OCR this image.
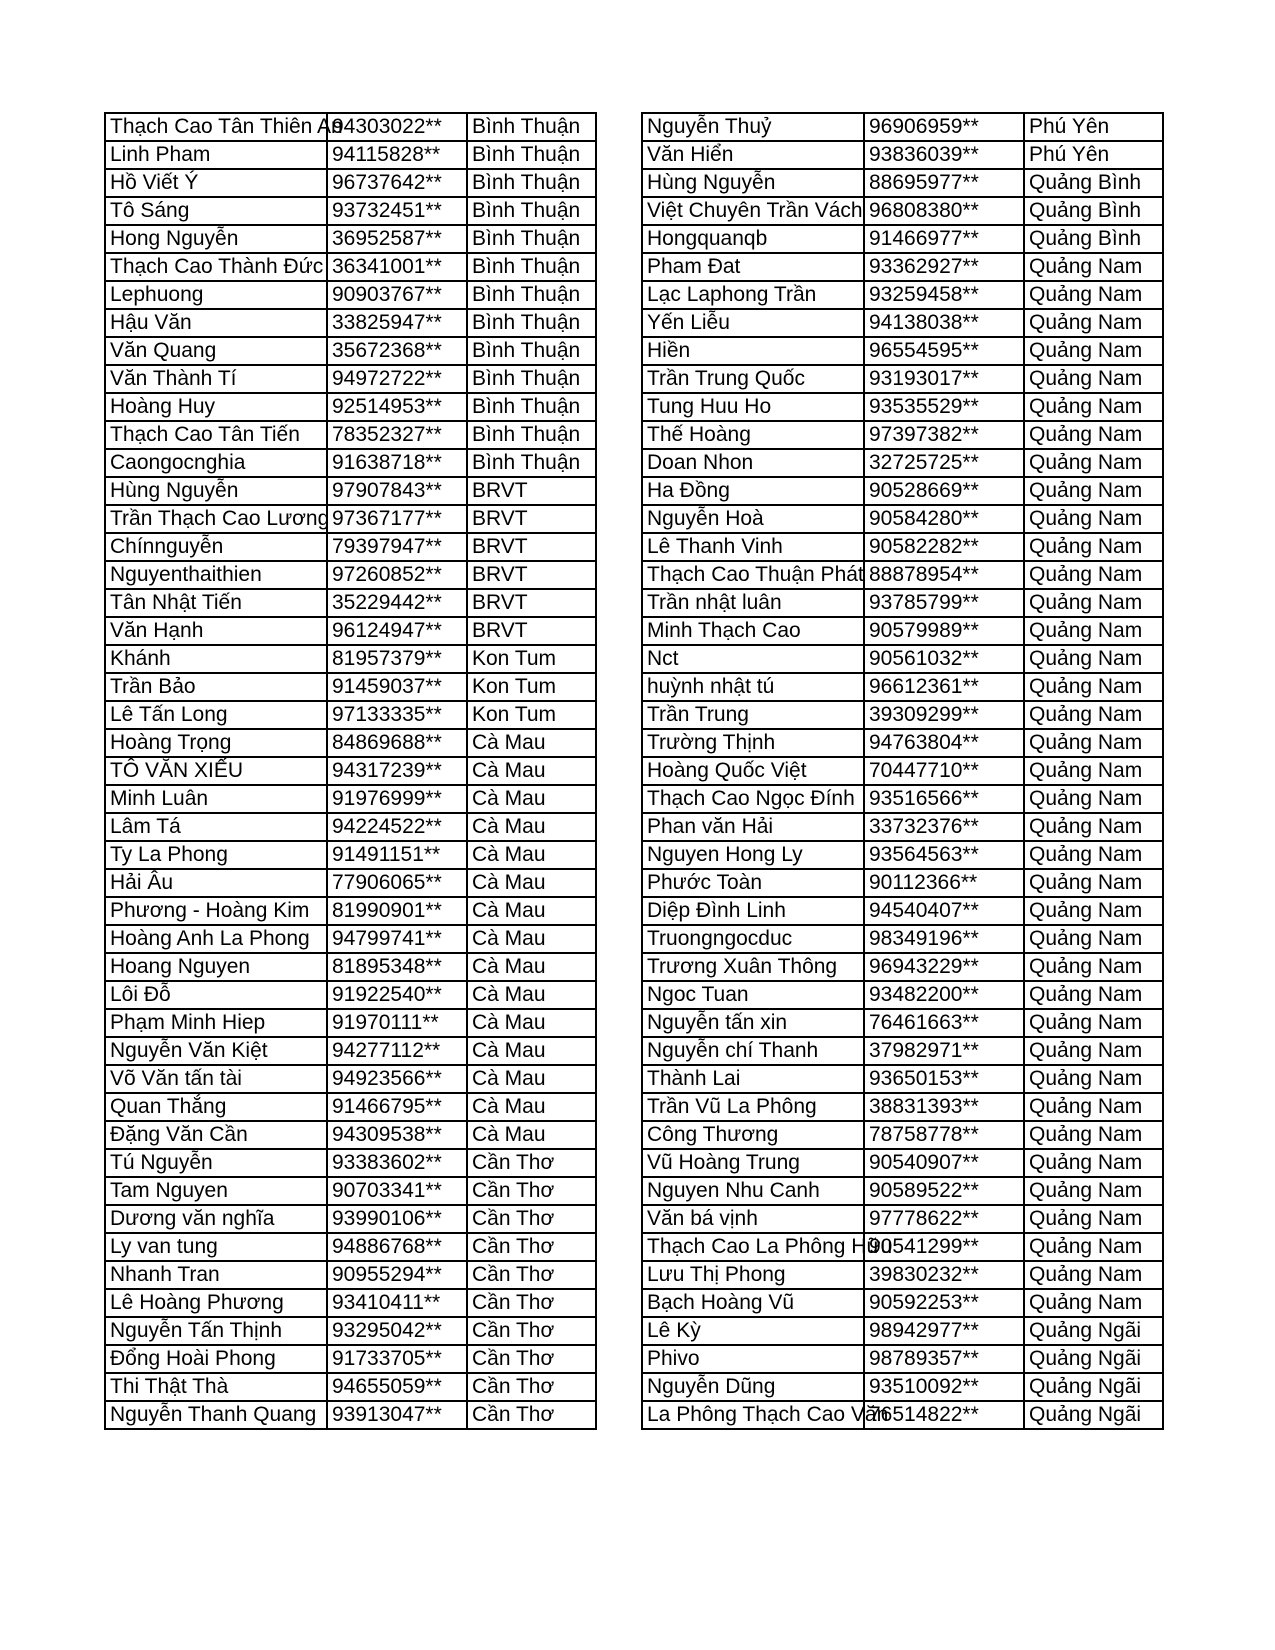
Thạch Cao Tân Thiên An	94303022**	Bình Thuận
Linh Pham	94115828**	Bình Thuận
Hồ Viết Ý	96737642**	Bình Thuận
Tô Sáng	93732451**	Bình Thuận
Hong Nguyễn	36952587**	Bình Thuận
Thạch Cao Thành Đức	36341001**	Bình Thuận
Lephuong	90903767**	Bình Thuận
Hậu Văn	33825947**	Bình Thuận
Văn Quang	35672368**	Bình Thuận
Văn Thành Tí	94972722**	Bình Thuận
Hoàng Huy	92514953**	Bình Thuận
Thạch Cao Tân Tiến	78352327**	Bình Thuận
Caongocnghia	91638718**	Bình Thuận
Hùng Nguyễn	97907843**	BRVT
Trần Thạch Cao Lương	97367177**	BRVT
Chínnguyễn	79397947**	BRVT
Nguyenthaithien	97260852**	BRVT
Tân Nhật Tiến	35229442**	BRVT
Văn Hạnh	96124947**	BRVT
Khánh	81957379**	Kon Tum
Trần Bảo	91459037**	Kon Tum
Lê Tấn Long	97133335**	Kon Tum
Hoàng Trọng	84869688**	Cà Mau
TÔ VĂN XIẾU	94317239**	Cà Mau
Minh Luân	91976999**	Cà Mau
Lâm Tá	94224522**	Cà Mau
Ty La Phong	91491151**	Cà Mau
Hải Âu	77906065**	Cà Mau
Phương - Hoàng Kim	81990901**	Cà Mau
Hoàng Anh La Phong	94799741**	Cà Mau
Hoang Nguyen	81895348**	Cà Mau
Lôi Đỗ	91922540**	Cà Mau
Phạm Minh Hiep	91970111**	Cà Mau
Nguyễn Văn Kiệt	94277112**	Cà Mau
Võ Văn tấn tài	94923566**	Cà Mau
Quan Thắng	91466795**	Cà Mau
Đặng Văn Cần	94309538**	Cà Mau
Tú Nguyễn	93383602**	Cần Thơ
Tam Nguyen	90703341**	Cần Thơ
Dương văn nghĩa	93990106**	Cần Thơ
Ly van tung	94886768**	Cần Thơ
Nhanh Tran	90955294**	Cần Thơ
Lê Hoàng Phương	93410411**	Cần Thơ
Nguyễn Tấn Thịnh	93295042**	Cần Thơ
Đổng Hoài Phong	91733705**	Cần Thơ
Thi Thật Thà	94655059**	Cần Thơ
Nguyễn Thanh Quang	93913047**	Cần Thơ
Nguyễn Thuỷ	96906959**	Phú Yên
Văn Hiển	93836039**	Phú Yên
Hùng Nguyễn	88695977**	Quảng Bình
Việt Chuyên Trần Vách	96808380**	Quảng Bình
Hongquanqb	91466977**	Quảng Bình
Pham Đat	93362927**	Quảng Nam
Lạc Laphong Trần	93259458**	Quảng Nam
Yến Liễu	94138038**	Quảng Nam
Hiền	96554595**	Quảng Nam
Trần Trung Quốc	93193017**	Quảng Nam
Tung Huu Ho	93535529**	Quảng Nam
Thế Hoàng	97397382**	Quảng Nam
Doan Nhon	32725725**	Quảng Nam
Ha Đồng	90528669**	Quảng Nam
Nguyễn Hoà	90584280**	Quảng Nam
Lê Thanh Vinh	90582282**	Quảng Nam
Thạch Cao Thuận Phát	88878954**	Quảng Nam
Trần nhật luân	93785799**	Quảng Nam
Minh Thạch Cao	90579989**	Quảng Nam
Nct	90561032**	Quảng Nam
huỳnh nhật tú	96612361**	Quảng Nam
Trần Trung	39309299**	Quảng Nam
Trường Thịnh	94763804**	Quảng Nam
Hoàng Quốc Việt	70447710**	Quảng Nam
Thạch Cao Ngọc Đính	93516566**	Quảng Nam
Phan văn Hải	33732376**	Quảng Nam
Nguyen Hong Ly	93564563**	Quảng Nam
Phước Toàn	90112366**	Quảng Nam
Diệp Đình Linh	94540407**	Quảng Nam
Truongngocduc	98349196**	Quảng Nam
Trương Xuân Thông	96943229**	Quảng Nam
Ngoc Tuan	93482200**	Quảng Nam
Nguyễn tấn xin	76461663**	Quảng Nam
Nguyễn chí Thanh	37982971**	Quảng Nam
Thành Lai	93650153**	Quảng Nam
Trần Vũ La Phông	38831393**	Quảng Nam
Công Thương	78758778**	Quảng Nam
Vũ Hoàng Trung	90540907**	Quảng Nam
Nguyen Nhu Canh	90589522**	Quảng Nam
Văn bá vịnh	97778622**	Quảng Nam
Thạch Cao La Phông Hữu	90541299**	Quảng Nam
Lưu Thị Phong	39830232**	Quảng Nam
Bạch Hoàng Vũ	90592253**	Quảng Nam
Lê Kỳ	98942977**	Quảng Ngãi
Phivo	98789357**	Quảng Ngãi
Nguyễn Dũng	93510092**	Quảng Ngãi
La Phông Thạch Cao Văn	76514822**	Quảng Ngãi
